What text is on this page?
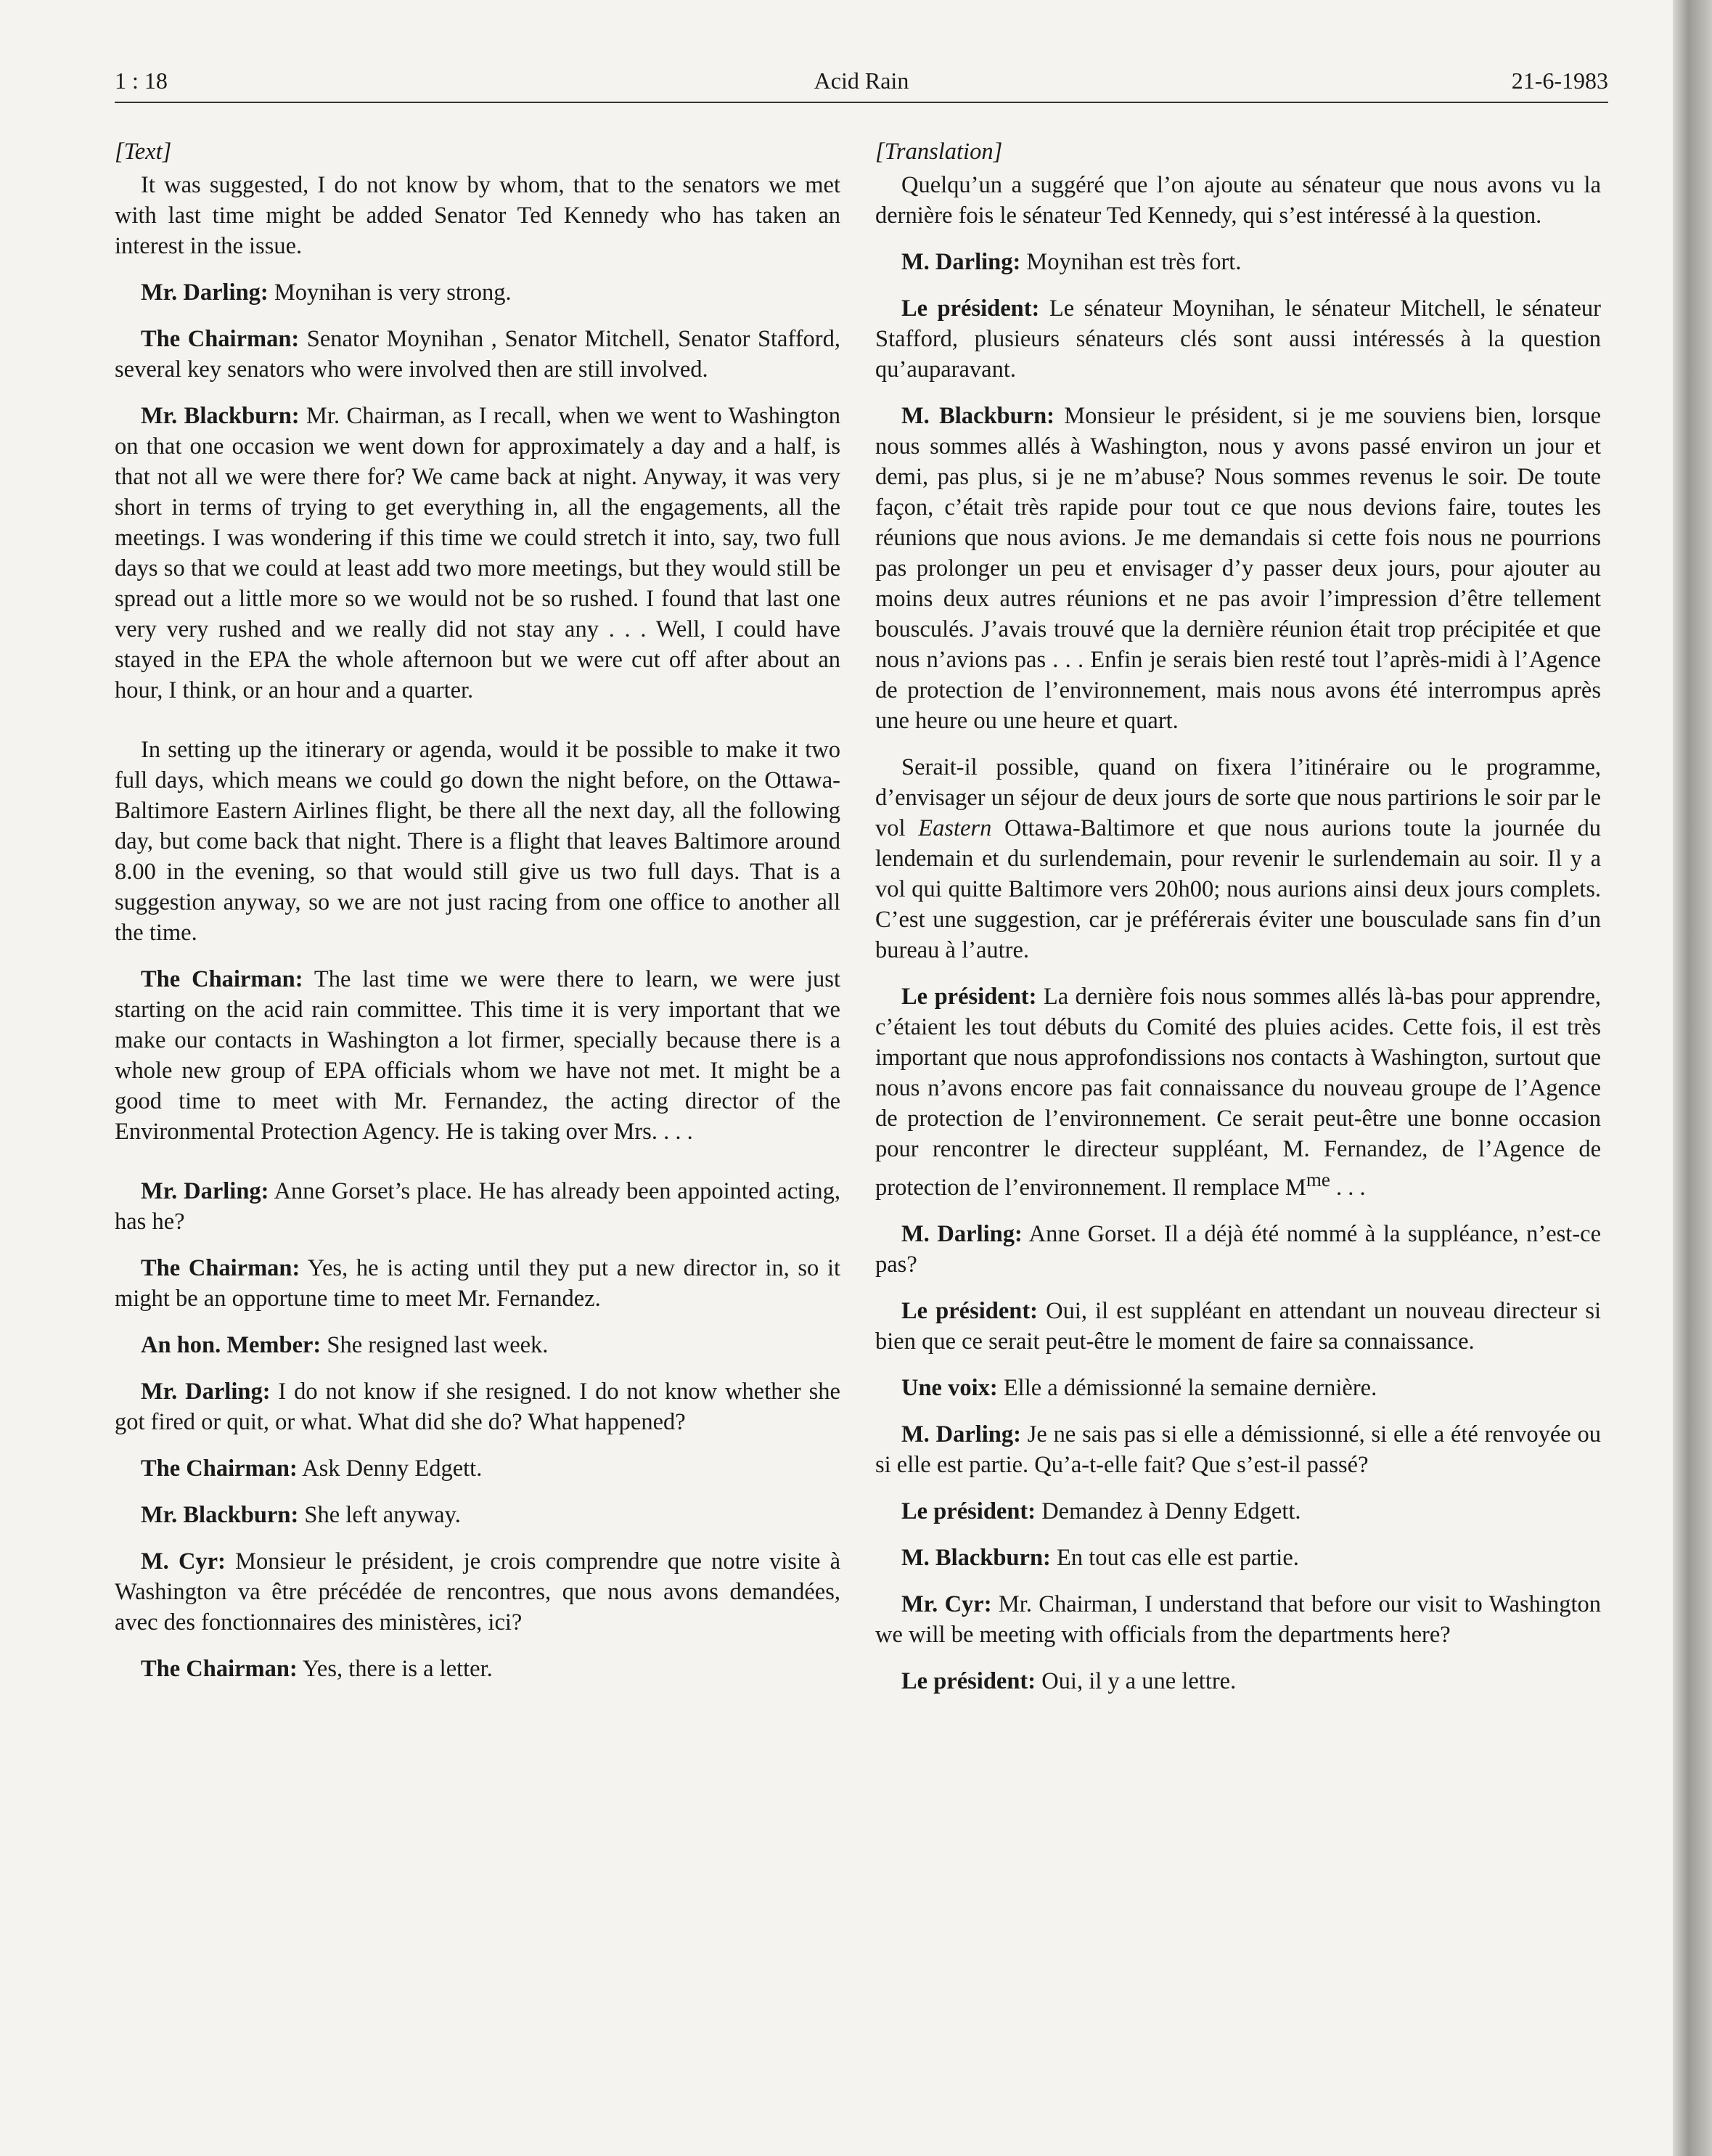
1 : 18	Acid Rain	21-6-1983

[Text]

It was suggested, I do not know by whom, that to the senators we met with last time might be added Senator Ted Kennedy who has taken an interest in the issue.

Mr. Darling: Moynihan is very strong.

The Chairman: Senator Moynihan , Senator Mitchell, Senator Stafford, several key senators who were involved then are still involved.

Mr. Blackburn: Mr. Chairman, as I recall, when we went to Washington on that one occasion we went down for approximately a day and a half, is that not all we were there for? We came back at night. Anyway, it was very short in terms of trying to get everything in, all the engagements, all the meetings. I was wondering if this time we could stretch it into, say, two full days so that we could at least add two more meetings, but they would still be spread out a little more so we would not be so rushed. I found that last one very very rushed and we really did not stay any . . . Well, I could have stayed in the EPA the whole afternoon but we were cut off after about an hour, I think, or an hour and a quarter.

In setting up the itinerary or agenda, would it be possible to make it two full days, which means we could go down the night before, on the Ottawa-Baltimore Eastern Airlines flight, be there all the next day, all the following day, but come back that night. There is a flight that leaves Baltimore around 8.00 in the evening, so that would still give us two full days. That is a suggestion anyway, so we are not just racing from one office to another all the time.

The Chairman: The last time we were there to learn, we were just starting on the acid rain committee. This time it is very important that we make our contacts in Washington a lot firmer, specially because there is a whole new group of EPA officials whom we have not met. It might be a good time to meet with Mr. Fernandez, the acting director of the Environmental Protection Agency. He is taking over Mrs. . . .

Mr. Darling: Anne Gorset’s place. He has already been appointed acting, has he?

The Chairman: Yes, he is acting until they put a new director in, so it might be an opportune time to meet Mr. Fernandez.

An hon. Member: She resigned last week.

Mr. Darling: I do not know if she resigned. I do not know whether she got fired or quit, or what. What did she do? What happened?

The Chairman: Ask Denny Edgett.

Mr. Blackburn: She left anyway.

M. Cyr: Monsieur le président, je crois comprendre que notre visite à Washington va être précédée de rencontres, que nous avons demandées, avec des fonctionnaires des ministères, ici?

The Chairman: Yes, there is a letter.

[Translation]

Quelqu’un a suggéré que l’on ajoute au sénateur que nous avons vu la dernière fois le sénateur Ted Kennedy, qui s’est intéressé à la question.

M. Darling: Moynihan est très fort.

Le président: Le sénateur Moynihan, le sénateur Mitchell, le sénateur Stafford, plusieurs sénateurs clés sont aussi intéressés à la question qu’auparavant.

M. Blackburn: Monsieur le président, si je me souviens bien, lorsque nous sommes allés à Washington, nous y avons passé environ un jour et demi, pas plus, si je ne m’abuse? Nous sommes revenus le soir. De toute façon, c’était très rapide pour tout ce que nous devions faire, toutes les réunions que nous avions. Je me demandais si cette fois nous ne pourrions pas prolonger un peu et envisager d’y passer deux jours, pour ajouter au moins deux autres réunions et ne pas avoir l’impression d’être tellement bousculés. J’avais trouvé que la dernière réunion était trop précipitée et que nous n’avions pas . . . Enfin je serais bien resté tout l’après-midi à l’Agence de protection de l’environnement, mais nous avons été interrompus après une heure ou une heure et quart.

Serait-il possible, quand on fixera l’itinéraire ou le programme, d’envisager un séjour de deux jours de sorte que nous partirions le soir par le vol Eastern Ottawa-Baltimore et que nous aurions toute la journée du lendemain et du surlendemain, pour revenir le surlendemain au soir. Il y a vol qui quitte Baltimore vers 20h00; nous aurions ainsi deux jours complets. C’est une suggestion, car je préférerais éviter une bousculade sans fin d’un bureau à l’autre.

Le président: La dernière fois nous sommes allés là-bas pour apprendre, c’étaient les tout débuts du Comité des pluies acides. Cette fois, il est très important que nous approfondissions nos contacts à Washington, surtout que nous n’avons encore pas fait connaissance du nouveau groupe de l’Agence de protection de l’environnement. Ce serait peut-être une bonne occasion pour rencontrer le directeur suppléant, M. Fernandez, de l’Agence de protection de l’environnement. Il remplace $M^{me}$ . . .

M. Darling: Anne Gorset. Il a déjà été nommé à la suppléance, n’est-ce pas?

Le président: Oui, il est suppléant en attendant un nouveau directeur si bien que ce serait peut-être le moment de faire sa connaissance.

Une voix: Elle a démissionné la semaine dernière.

M. Darling: Je ne sais pas si elle a démissionné, si elle a été renvoyée ou si elle est partie. Qu’a-t-elle fait? Que s’est-il passé?

Le président: Demandez à Denny Edgett.

M. Blackburn: En tout cas elle est partie.

Mr. Cyr: Mr. Chairman, I understand that before our visit to Washington we will be meeting with officials from the departments here?

Le président: Oui, il y a une lettre.
